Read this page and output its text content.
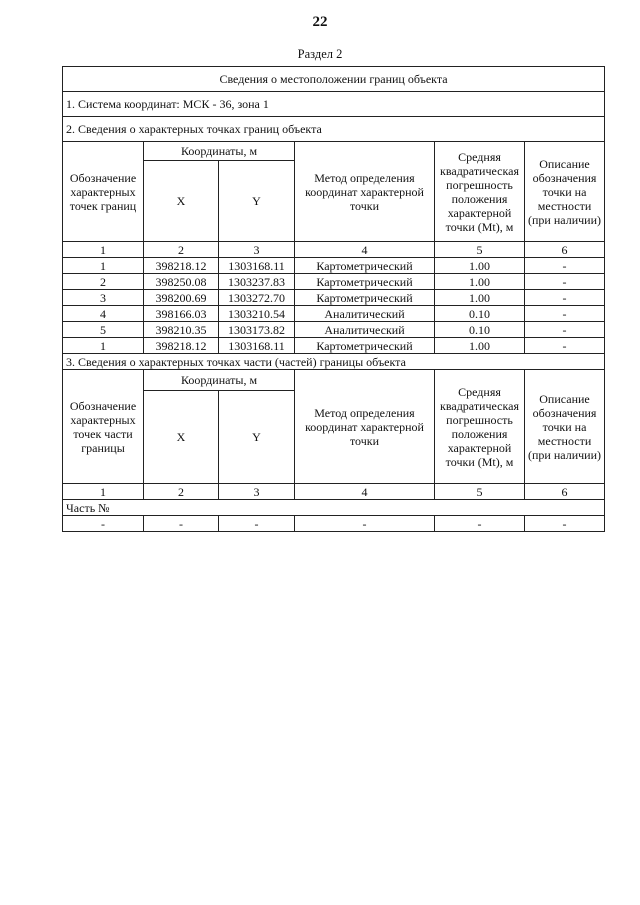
22
Раздел 2
Сведения о местоположении границ объекта					
1. Система координат: МСК - 36, зона 1					
2. Сведения о характерных точках границ объекта					
Обозначение характерных точек границ	Координаты, м		Метод определения координат характерной точки	Средняя квадратическая погрешность положения характерной точки (Mt), м	Описание обозначения точки на местности (при наличии)
	X	Y			
1	2	3	4	5	6
1	398218.12	1303168.11	Картометрический	1.00	-
2	398250.08	1303237.83	Картометрический	1.00	-
3	398200.69	1303272.70	Картометрический	1.00	-
4	398166.03	1303210.54	Аналитический	0.10	-
5	398210.35	1303173.82	Аналитический	0.10	-
1	398218.12	1303168.11	Картометрический	1.00	-
3. Сведения о характерных точках части (частей) границы объекта					
Обозначение характерных точек части границы	Координаты, м		Метод определения координат характерной точки	Средняя квадратическая погрешность положения характерной точки (Mt), м	Описание обозначения точки на местности (при наличии)
	X	Y			
1	2	3	4	5	6
Часть №					
-	-	-	-	-	-
